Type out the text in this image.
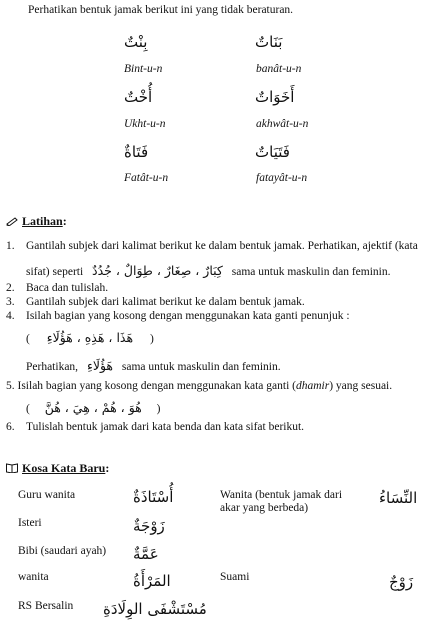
Perhatikan bentuk jamak berikut ini yang tidak beraturan.
بِنْتٌ
Bint-u-n
بَنَاتٌ
banât-u-n
أُخْتٌ
Ukht-u-n
أَخَوَاتٌ
akhwât-u-n
فَتَاةٌ
Fatât-u-n
فَتَيَاتٌ
fatayât-u-n
Latihan:
1. Gantilah subjek dari kalimat berikut ke dalam bentuk jamak. Perhatikan, ajektif (kata
sifat) seperti كِبَارٌ ، صِغَارٌ ، طِوَالٌ ، جُدُدٌ sama untuk maskulin dan feminin.
2. Baca dan tulislah.
3. Gantilah subjek dari kalimat berikut ke dalam bentuk jamak.
4. Isilah bagian yang kosong dengan menggunakan kata ganti penunjuk :
( هَذَا ، هَذِهِ ، هَؤُلَاءِ )
Perhatikan, هَؤُلَاءِ sama untuk maskulin dan feminin.
5. Isilah bagian yang kosong dengan menggunakan kata ganti (dhamir) yang sesuai.
( هُوَ ، هُمْ ، هِيَ ، هُنَّ )
6. Tulislah bentuk jamak dari kata benda dan kata sifat berikut.
Kosa Kata Baru:
Guru wanita	أُسْتَاذَةٌ
Isteri	زَوْجَةٌ
Bibi (saudari ayah) عَمَّةٌ
wanita	المَرْأَةُ
RS Bersalin مُسْتَشْفَى الوِلَادَةِ
Wanita (bentuk jamak dari akar yang berbeda)
النِّسَاءُ
Suami	زَوْجٌ
